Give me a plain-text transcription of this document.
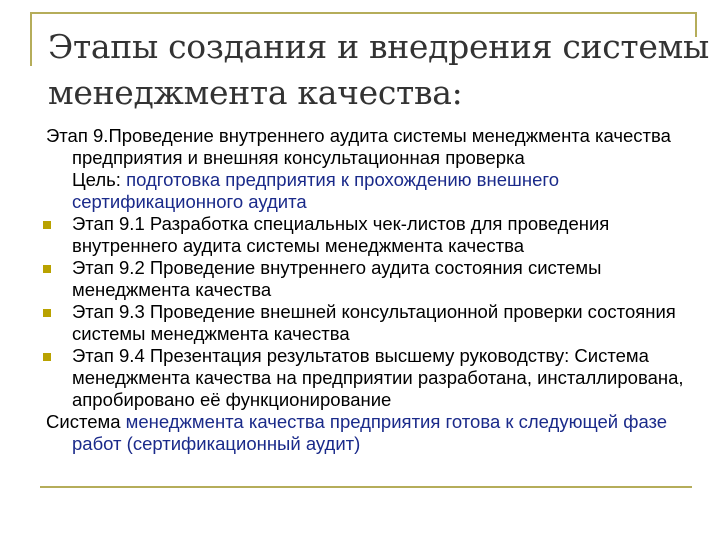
Этапы создания и внедрения системы
менеджмента качества:
Этап 9.Проведение внутреннего аудита системы менеджмента качества предприятия и внешняя консультационная проверка
Цель: подготовка предприятия к прохождению внешнего сертификационного аудита
Этап 9.1 Разработка специальных чек-листов для проведения внутреннего аудита системы менеджмента качества
Этап 9.2 Проведение внутреннего аудита состояния системы менеджмента качества
Этап 9.3 Проведение внешней консультационной проверки состояния системы менеджмента качества
Этап 9.4 Презентация результатов высшему руководству: Система менеджмента качества на предприятии разработана, инсталлирована, апробировано её функционирование
Система менеджмента качества предприятия готова к следующей фазе работ (сертификационный аудит)
